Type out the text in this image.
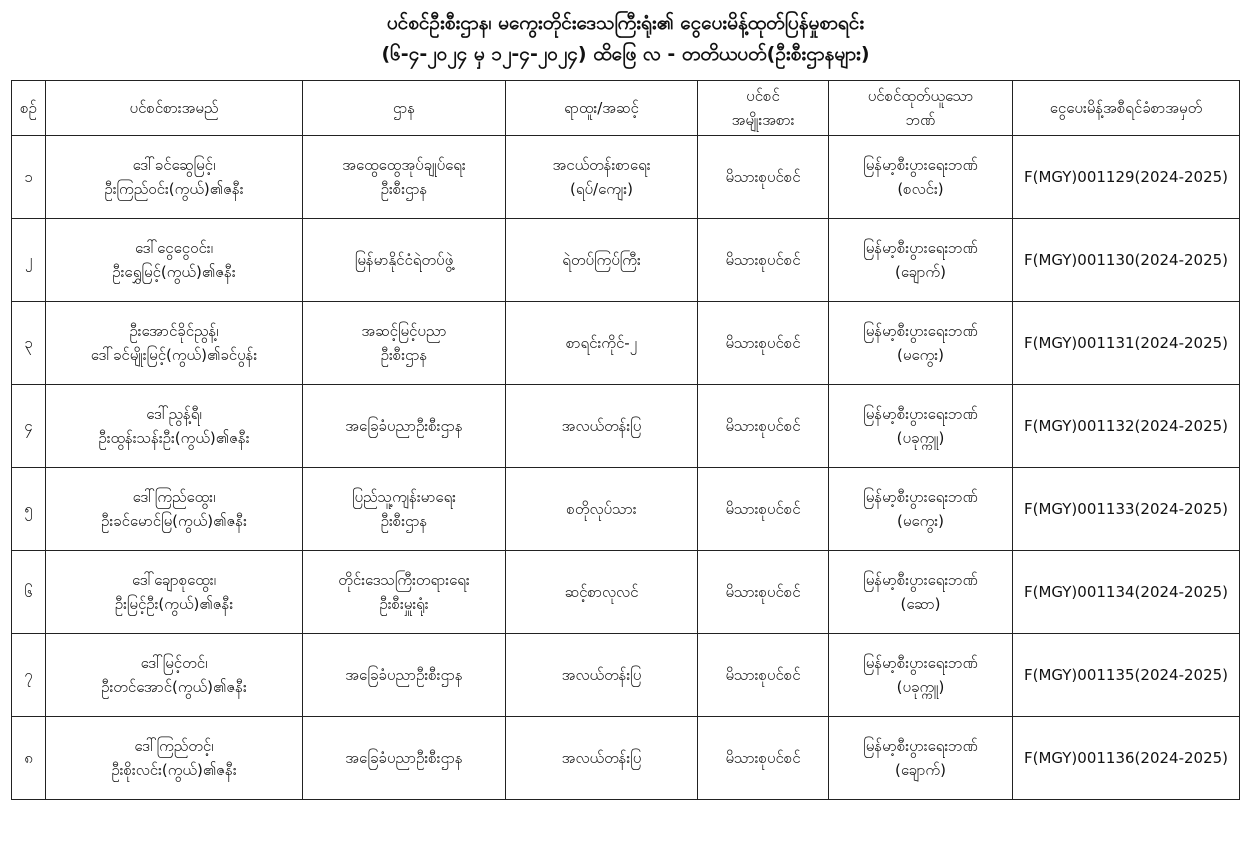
ပင်စင်ဦးစီးဌာန၊ မကွေးတိုင်းဒေသကြီးရုံး၏ ငွေပေးမိန့်ထုတ်ပြန်မှုစာရင်း
(၆-၄-၂၀၂၄ မှ ၁၂-၄-၂၀၂၄) ထိဖြေ လ - တတိယပတ်(ဦးစီးဌာနများ)
စဉ်	ပင်စင်စားအမည်	ဌာန	ရာထူး/အဆင့်	ပင်စင်
အမျိုးအစား	ပင်စင်ထုတ်ယူသော
ဘဏ်	ငွေပေးမိန့်အစီရင်ခံစာအမှတ်
၁	ဒေါ်ခင်ဆွေမြင့်၊
ဦးကြည်ဝင်း(ကွယ်)၏ဇနီး	အထွေထွေအုပ်ချုပ်ရေး
ဦးစီးဌာန	အငယ်တန်းစာရေး
(ရပ်/ကျေး)	မိသားစုပင်စင်	မြန်မာ့စီးပွားရေးဘဏ်
(စလင်း)	F(MGY)001129(2024-2025)
၂	ဒေါ်ငွေငွေဝင်း၊
ဦးရွှေမြင့်(ကွယ်)၏ဇနီး	မြန်မာနိုင်ငံရဲတပ်ဖွဲ့	ရဲတပ်ကြပ်ကြီး	မိသားစုပင်စင်	မြန်မာ့စီးပွားရေးဘဏ်
(ချောက်)	F(MGY)001130(2024-2025)
၃	ဦးအောင်ခိုင်ညွန့်၊
ဒေါ်ခင်မျိုးမြင့်(ကွယ်)၏ခင်ပွန်း	အဆင့်မြင့်ပညာ
ဦးစီးဌာန	စာရင်းကိုင်-၂	မိသားစုပင်စင်	မြန်မာ့စီးပွားရေးဘဏ်
(မကွေး)	F(MGY)001131(2024-2025)
၄	ဒေါ်ညွန့်ရီ၊
ဦးထွန်းသန်းဦး(ကွယ်)၏ဇနီး	အခြေခံပညာဦးစီးဌာန	အလယ်တန်းပြ	မိသားစုပင်စင်	မြန်မာ့စီးပွားရေးဘဏ်
(ပခုက္ကူ)	F(MGY)001132(2024-2025)
၅	ဒေါ်ကြည်ထွေး၊
ဦးခင်မောင်မြ(ကွယ်)၏ဇနီး	ပြည်သူ့ကျန်းမာရေး
ဦးစီးဌာန	စတိုလုပ်သား	မိသားစုပင်စင်	မြန်မာ့စီးပွားရေးဘဏ်
(မကွေး)	F(MGY)001133(2024-2025)
၆	ဒေါ်ချောစုထွေး၊
ဦးမြင့်ဦး(ကွယ်)၏ဇနီး	တိုင်းဒေသကြီးတရားရေး
ဦးစီးမှူးရုံး	ဆင့်စာလုလင်	မိသားစုပင်စင်	မြန်မာ့စီးပွားရေးဘဏ်
(ဆော)	F(MGY)001134(2024-2025)
၇	ဒေါ်မြင့်တင်၊
ဦးတင်အောင်(ကွယ်)၏ဇနီး	အခြေခံပညာဦးစီးဌာန	အလယ်တန်းပြ	မိသားစုပင်စင်	မြန်မာ့စီးပွားရေးဘဏ်
(ပခုက္ကူ)	F(MGY)001135(2024-2025)
၈	ဒေါ်ကြည်တင့်၊
ဦးစိုးလင်း(ကွယ်)၏ဇနီး	အခြေခံပညာဦးစီးဌာန	အလယ်တန်းပြ	မိသားစုပင်စင်	မြန်မာ့စီးပွားရေးဘဏ်
(ချောက်)	F(MGY)001136(2024-2025)
